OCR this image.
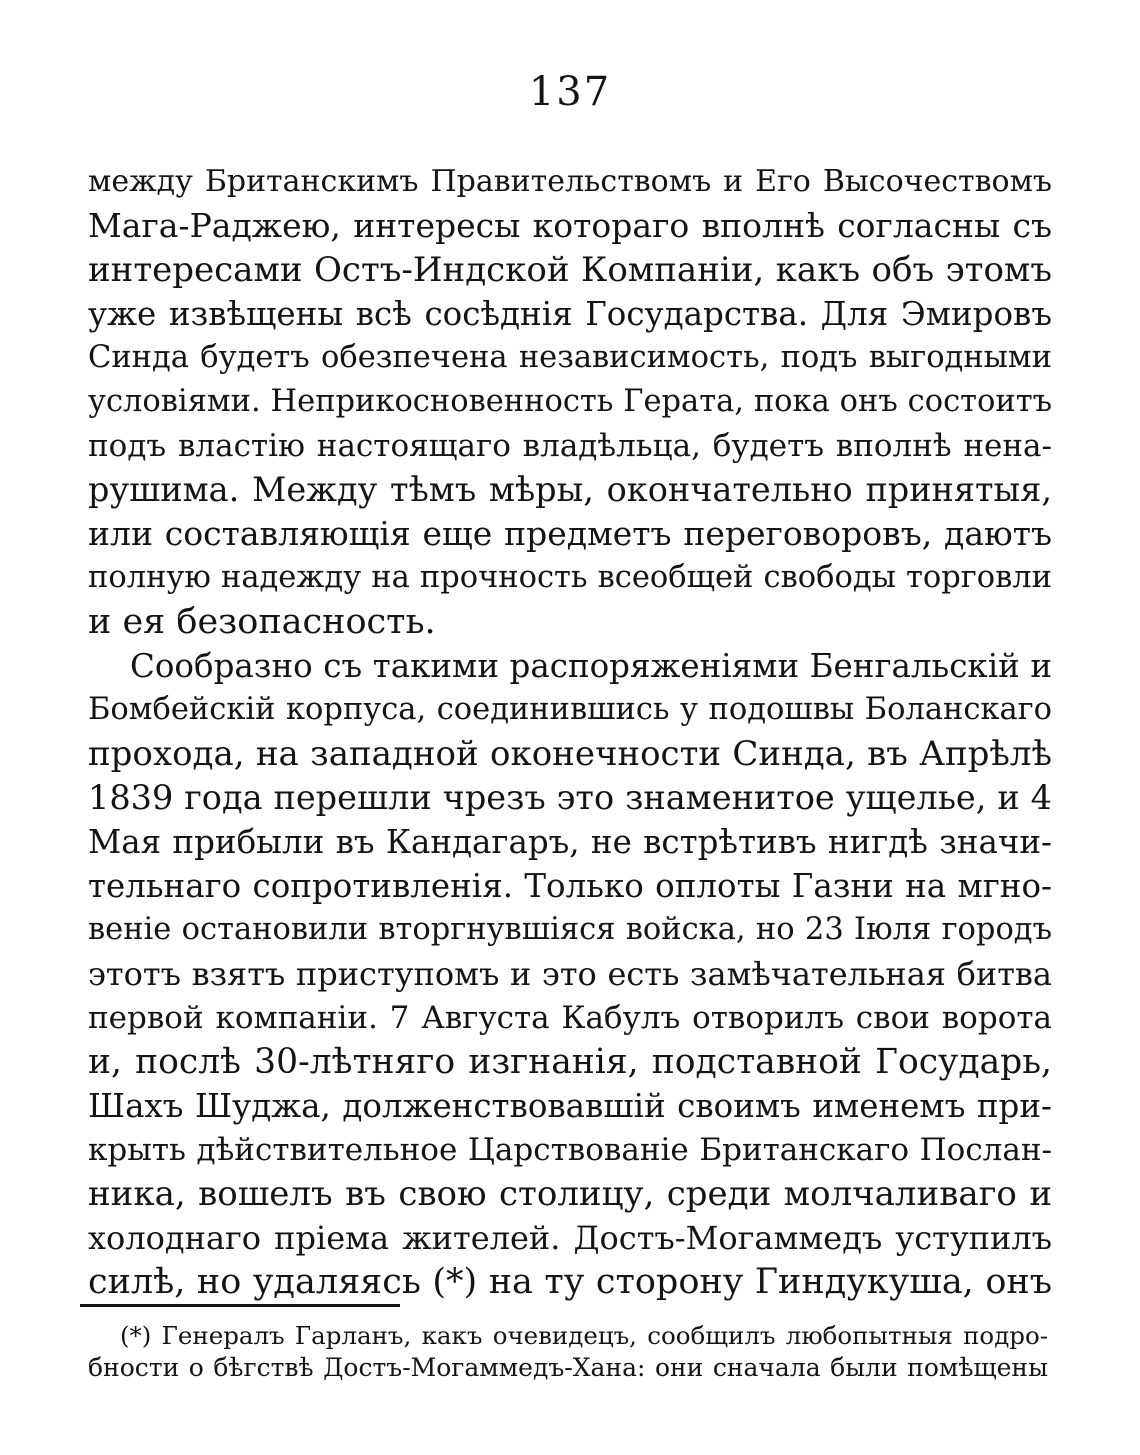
137
между Британскимъ Правительствомъ и Его Высочествомъ
Мага-Раджею, интересы котораго вполнѣ согласны съ
интересами Остъ-Индской Компаніи, какъ объ этомъ
уже извѣщены всѣ сосѣднія Государства. Для Эмировъ
Синда будетъ обезпечена независимость, подъ выгодными
условіями. Неприкосновенность Герата, пока онъ состоитъ
подъ властію настоящаго владѣльца, будетъ вполнѣ нена-
рушима. Между тѣмъ мѣры, окончательно принятыя,
или составляющія еще предметъ переговоровъ, даютъ
полную надежду на прочность всеобщей свободы торговли
и ея безопасность.
Сообразно съ такими распоряженіями Бенгальскій и
Бомбейскій корпуса, соединившись у подошвы Боланскаго
прохода, на западной оконечности Синда, въ Апрѣлѣ
1839 года перешли чрезъ это знаменитое ущелье, и 4
Мая прибыли въ Кандагаръ, не встрѣтивъ нигдѣ значи-
тельнаго сопротивленія. Только оплоты Газни на мгно-
веніе остановили вторгнувшіяся войска, но 23 Іюля городъ
этотъ взятъ приступомъ и это есть замѣчательная битва
первой компаніи. 7 Августа Кабулъ отворилъ свои ворота
и, послѣ 30-лѣтняго изгнанія, подставной Государь,
Шахъ Шуджа, долженствовавшій своимъ именемъ при-
крыть дѣйствительное Царствованіе Британскаго Послан-
ника, вошелъ въ свою столицу, среди молчаливаго и
холоднаго пріема жителей. Достъ-Могаммедъ уступилъ
силѣ, но удаляясь (*) на ту сторону Гиндукуша, онъ
(*) Генералъ Гарланъ, какъ очевидецъ, сообщилъ любопытныя подро-
бности о бѣгствѣ Достъ-Могаммедъ-Хана: они сначала были помѣщены
